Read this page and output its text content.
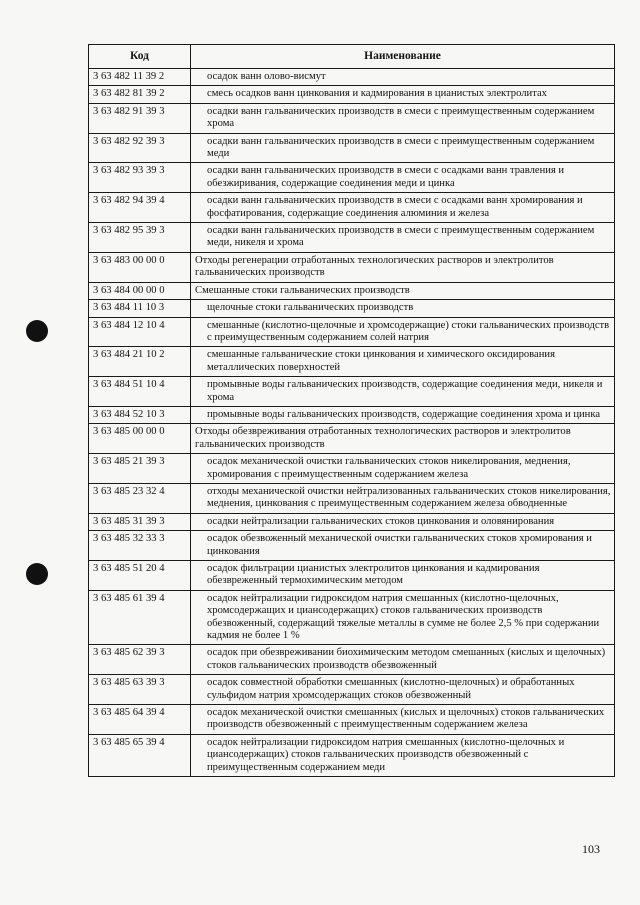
Код	Наименование
3 63 482 11 39 2	осадок ванн олово-висмут
3 63 482 81 39 2	смесь осадков ванн цинкования и кадмирования в цианистых электролитах
3 63 482 91 39 3	осадки ванн гальванических производств в смеси с преимущественным содержанием хрома
3 63 482 92 39 3	осадки ванн гальванических производств в смеси с преимущественным содержанием меди
3 63 482 93 39 3	осадки ванн гальванических производств в смеси с осадками ванн травления и обезжиривания, содержащие соединения меди и цинка
3 63 482 94 39 4	осадки ванн гальванических производств в смеси с осадками ванн хромирования и фосфатирования, содержащие соединения алюминия и железа
3 63 482 95 39 3	осадки ванн гальванических производств в смеси с преимущественным содержанием меди, никеля и хрома
3 63 483 00 00 0	Отходы регенерации отработанных технологических растворов и электролитов гальванических производств
3 63 484 00 00 0	Смешанные стоки гальванических производств
3 63 484 11 10 3	щелочные стоки гальванических производств
3 63 484 12 10 4	смешанные (кислотно-щелочные и хромсодержащие) стоки гальванических производств с преимущественным содержанием солей натрия
3 63 484 21 10 2	смешанные гальванические стоки цинкования и химического оксидирования металлических поверхностей
3 63 484 51 10 4	промывные воды гальванических производств, содержащие соединения меди, никеля и хрома
3 63 484 52 10 3	промывные воды гальванических производств, содержащие соединения хрома и цинка
3 63 485 00 00 0	Отходы обезвреживания отработанных технологических растворов и электролитов гальванических производств
3 63 485 21 39 3	осадок механической очистки гальванических стоков никелирования, меднения, хромирования с преимущественным содержанием железа
3 63 485 23 32 4	отходы механической очистки нейтрализованных гальванических стоков никелирования, меднения, цинкования с преимущественным содержанием железа обводненные
3 63 485 31 39 3	осадки нейтрализации гальванических стоков цинкования и оловянирования
3 63 485 32 33 3	осадок обезвоженный механической очистки гальванических стоков хромирования и цинкования
3 63 485 51 20 4	осадок фильтрации цианистых электролитов цинкования и кадмирования обезвреженный термохимическим методом
3 63 485 61 39 4	осадок нейтрализации гидроксидом натрия смешанных (кислотно-щелочных, хромсодержащих и циансодержащих) стоков гальванических производств обезвоженный, содержащий тяжелые металлы в сумме не более 2,5 % при содержании кадмия не более 1 %
3 63 485 62 39 3	осадок при обезвреживании биохимическим методом смешанных (кислых и щелочных) стоков гальванических производств обезвоженный
3 63 485 63 39 3	осадок совместной обработки смешанных (кислотно-щелочных) и обработанных сульфидом натрия хромсодержащих стоков обезвоженный
3 63 485 64 39 4	осадок механической очистки смешанных (кислых и щелочных) стоков гальванических производств обезвоженный с преимущественным содержанием железа
3 63 485 65 39 4	осадок нейтрализации гидроксидом натрия смешанных (кислотно-щелочных и циансодержащих) стоков гальванических производств обезвоженный с преимущественным содержанием меди
103
